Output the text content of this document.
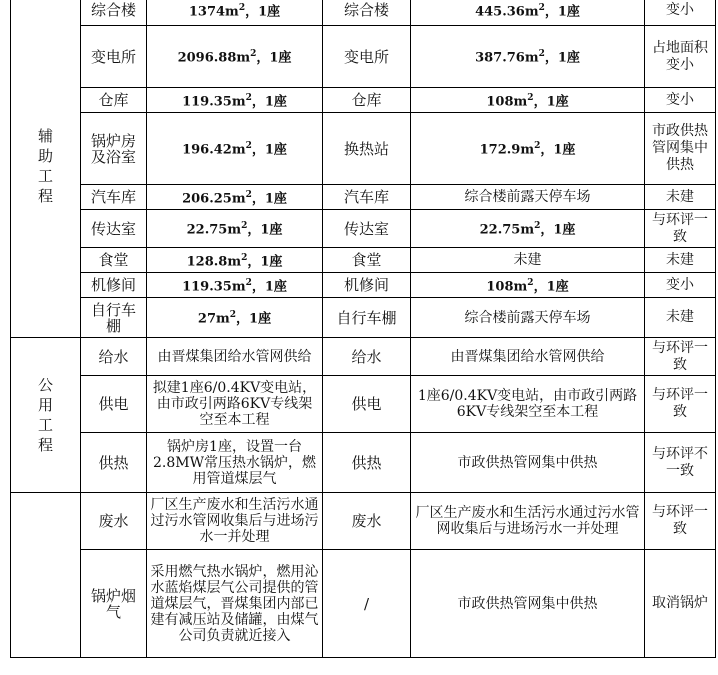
辅助工程	综合楼	$1374m^2$，1座	综合楼	$445.36m^2$，1座	变小
	变电所	$2096.88m^2$，1座	变电所	$387.76m^2$，1座	占地面积变小
	仓库	$119.35m^2$，1座	仓库	$108m^2$，1座	变小
	锅炉房及浴室	$196.42m^2$，1座	换热站	$172.9m^2$，1座	市政供热管网集中供热
	汽车库	$206.25m^2$，1座	汽车库	综合楼前露天停车场	未建
	传达室	$22.75m^2$，1座	传达室	$22.75m^2$，1座	与环评一致
	食堂	$128.8m^2$，1座	食堂	未建	未建
	机修间	$119.35m^2$，1座	机修间	$108m^2$，1座	变小
	自行车棚	$27m^2$，1座	自行车棚	综合楼前露天停车场	未建
公用工程	给水	由晋煤集团给水管网供给	给水	由晋煤集团给水管网供给	与环评一致
	供电	拟建1座6/0.4KV变电站，由市政引两路6KV专线架空至本工程	供电	1座6/0.4KV变电站，由市政引两路6KV专线架空至本工程	与环评一致
	供热	锅炉房1座，设置一台2.8MW常压热水锅炉，燃用管道煤层气	供热	市政供热管网集中供热	与环评不一致
	废水	厂区生产废水和生活污水通过污水管网收集后与进场污水一并处理	废水	厂区生产废水和生活污水通过污水管网收集后与进场污水一并处理	与环评一致
	锅炉烟气	采用燃气热水锅炉，燃用沁水蓝焰煤层气公司提供的管道煤层气，晋煤集团内部已建有减压站及储罐，由煤气公司负责就近接入	/	市政供热管网集中供热	取消锅炉
